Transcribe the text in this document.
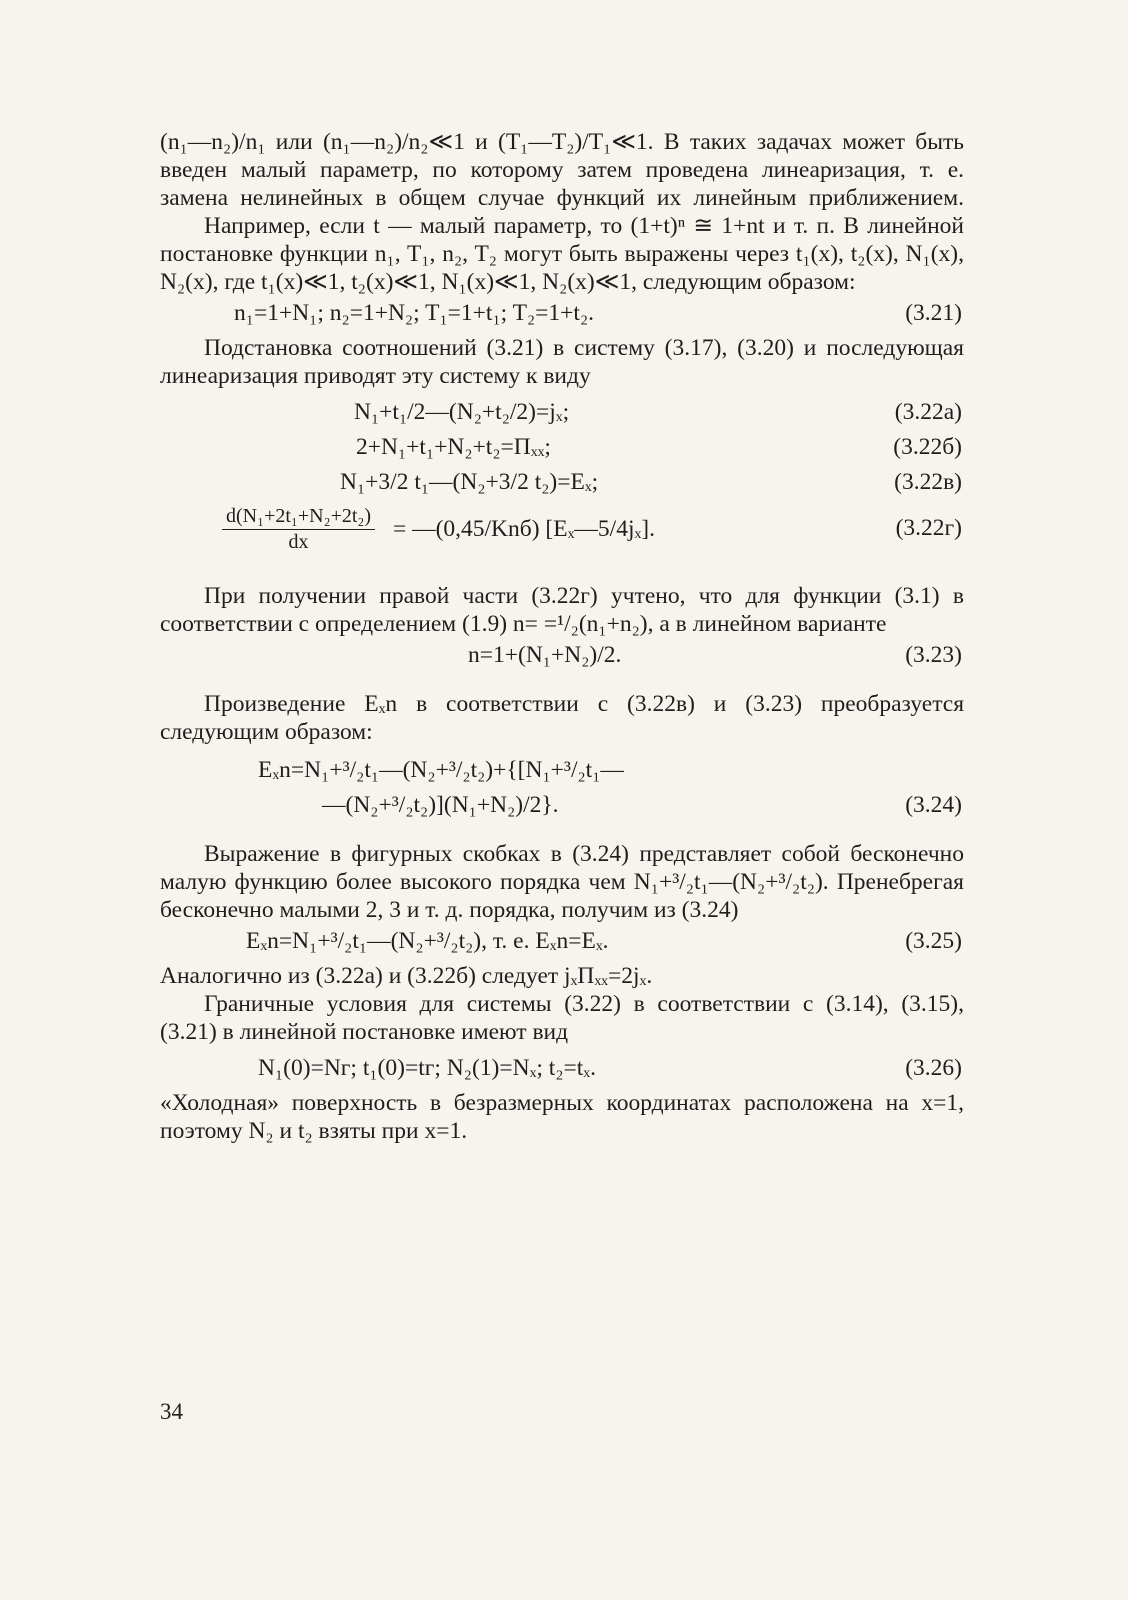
(n₁—n₂)/n₁ или (n₁—n₂)/n₂≪1 и (T₁—T₂)/T₁≪1. В таких задачах может быть введен малый параметр, по которому затем проведена линеаризация, т. е. замена нелинейных в общем случае функций их линейным приближением.

Например, если t — малый параметр, то (1+t)ⁿ ≅ 1+nt и т. п. В линейной постановке функции n₁, T₁, n₂, T₂ могут быть выражены через t₁(x), t₂(x), N₁(x), N₂(x), где t₁(x)≪1, t₂(x)≪1, N₁(x)≪1, N₂(x)≪1, следующим образом:

n₁=1+N₁; n₂=1+N₂; T₁=1+t₁; T₂=1+t₂.	(3.21)

Подстановка соотношений (3.21) в систему (3.17), (3.20) и последующая линеаризация приводят эту систему к виду

N₁+t₁/2—(N₂+t₂/2)=jₓ;	(3.22а)
2+N₁+t₁+N₂+t₂=Πₓₓ;	(3.22б)
N₁+3/2 t₁—(N₂+3/2 t₂)=Eₓ;	(3.22в)
$\frac{\text{d(N₁+2t₁+N₂+2t₂)}}{dx}$ = —(0,45/Knб) [Eₓ—5/4jₓ].	(3.22г)

При получении правой части (3.22г) учтено, что для функции (3.1) в соответствии с определением (1.9) n= =¹/₂(n₁+n₂), а в линейном варианте

n=1+(N₁+N₂)/2.	(3.23)

Произведение Eₓn в соответствии с (3.22в) и (3.23) преобразуется следующим образом:

Eₓn=N₁+³/₂t₁—(N₂+³/₂t₂)+{[N₁+³/₂t₁—
—(N₂+³/₂t₂)](N₁+N₂)/2}.	(3.24)

Выражение в фигурных скобках в (3.24) представляет собой бесконечно малую функцию более высокого порядка чем N₁+³/₂t₁—(N₂+³/₂t₂). Пренебрегая бесконечно малыми 2, 3 и т. д. порядка, получим из (3.24)

Eₓn=N₁+³/₂t₁—(N₂+³/₂t₂), т. е. Eₓn=Eₓ.	(3.25)

Аналогично из (3.22а) и (3.22б) следует jₓΠₓₓ=2jₓ.

Граничные условия для системы (3.22) в соответствии с (3.14), (3.15), (3.21) в линейной постановке имеют вид

N₁(0)=Nг; t₁(0)=tг; N₂(1)=Nₓ; t₂=tₓ.	(3.26)

«Холодная» поверхность в безразмерных координатах расположена на x=1, поэтому N₂ и t₂ взяты при x=1.

34
